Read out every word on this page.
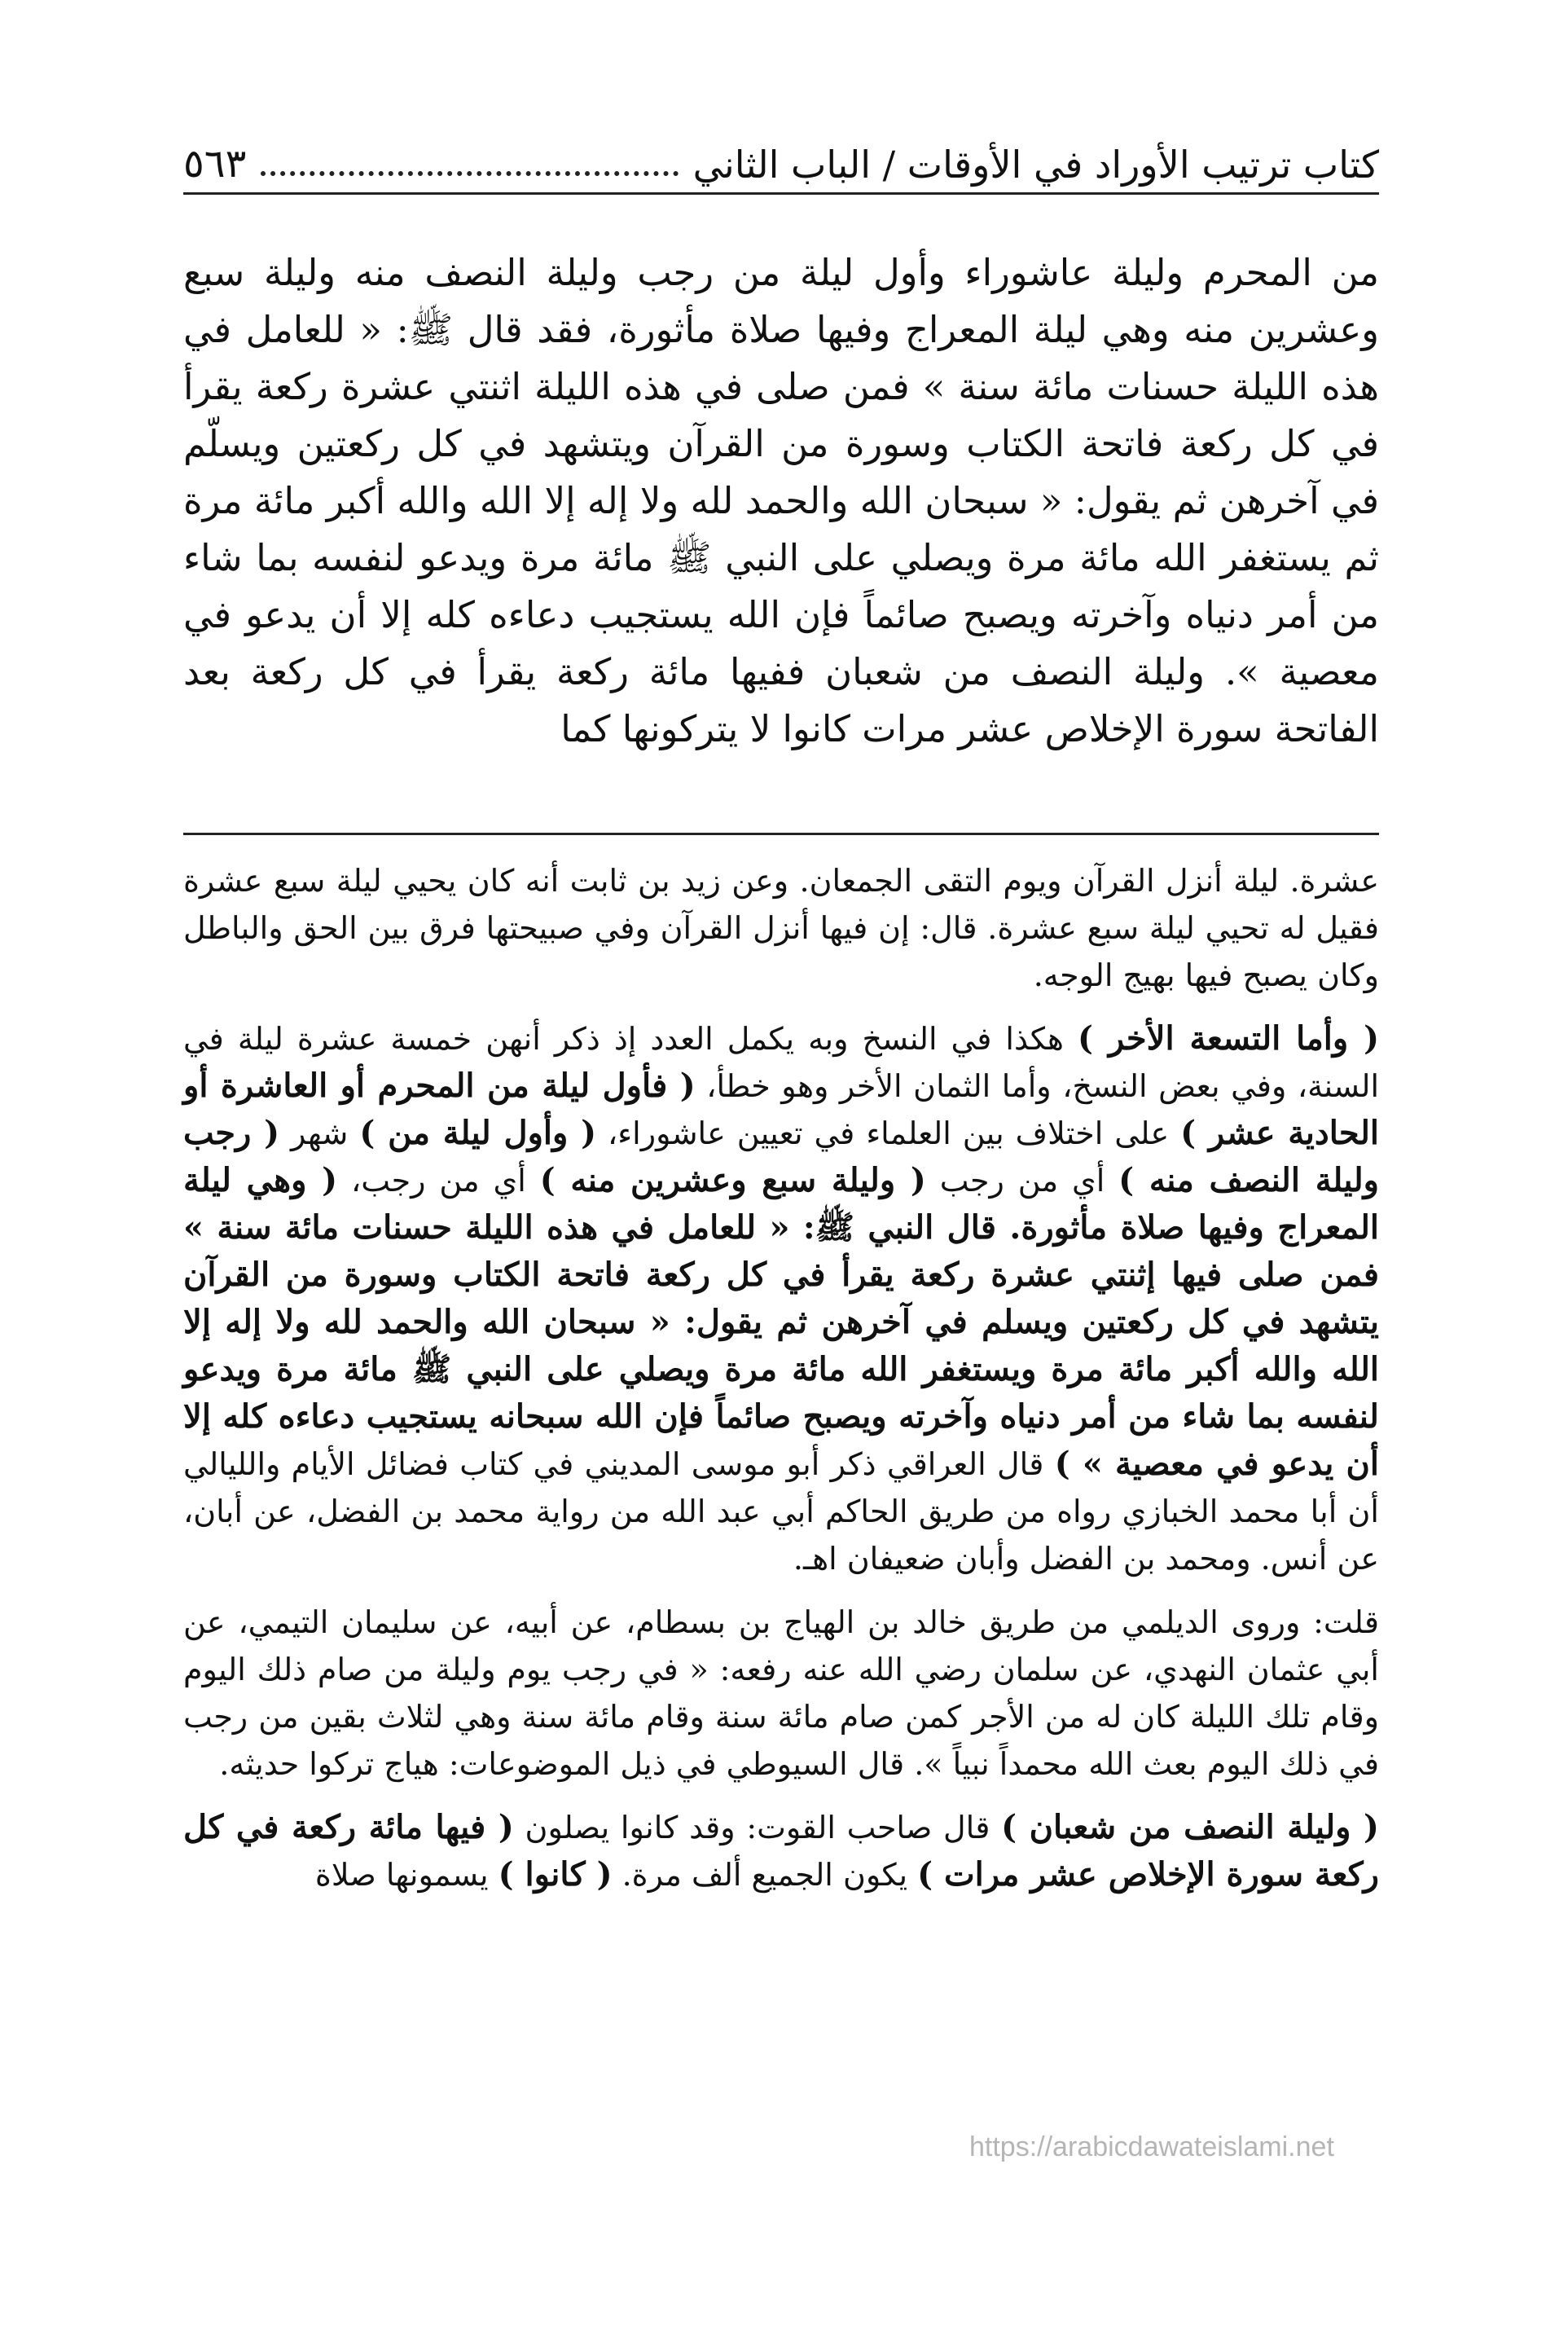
كتاب ترتيب الأوراد في الأوقات / الباب الثاني
٥٦٣

من المحرم وليلة عاشوراء وأول ليلة من رجب وليلة النصف منه وليلة سبع وعشرين منه وهي ليلة المعراج وفيها صلاة مأثورة، فقد قال ﷺ: « للعامل في هذه الليلة حسنات مائة سنة » فمن صلى في هذه الليلة اثنتي عشرة ركعة يقرأ في كل ركعة فاتحة الكتاب وسورة من القرآن ويتشهد في كل ركعتين ويسلّم في آخرهن ثم يقول: « سبحان الله والحمد لله ولا إله إلا الله والله أكبر مائة مرة ثم يستغفر الله مائة مرة ويصلي على النبي ﷺ مائة مرة ويدعو لنفسه بما شاء من أمر دنياه وآخرته ويصبح صائماً فإن الله يستجيب دعاءه كله إلا أن يدعو في معصية ». وليلة النصف من شعبان ففيها مائة ركعة يقرأ في كل ركعة بعد الفاتحة سورة الإخلاص عشر مرات كانوا لا يتركونها كما

عشرة. ليلة أنزل القرآن ويوم التقى الجمعان. وعن زيد بن ثابت أنه كان يحيي ليلة سبع عشرة فقيل له تحيي ليلة سبع عشرة. قال: إن فيها أنزل القرآن وفي صبيحتها فرق بين الحق والباطل وكان يصبح فيها بهيج الوجه.

( وأما التسعة الأخر ) هكذا في النسخ وبه يكمل العدد إذ ذكر أنهن خمسة عشرة ليلة في السنة، وفي بعض النسخ، وأما الثمان الأخر وهو خطأ، ( فأول ليلة من المحرم أو العاشرة أو الحادية عشر ) على اختلاف بين العلماء في تعيين عاشوراء، ( وأول ليلة من ) شهر ( رجب وليلة النصف منه ) أي من رجب ( وليلة سبع وعشرين منه ) أي من رجب، ( وهي ليلة المعراج وفيها صلاة مأثورة. قال النبي ﷺ: « للعامل في هذه الليلة حسنات مائة سنة » فمن صلى فيها إثنتي عشرة ركعة يقرأ في كل ركعة فاتحة الكتاب وسورة من القرآن يتشهد في كل ركعتين ويسلم في آخرهن ثم يقول: « سبحان الله والحمد لله ولا إله إلا الله والله أكبر مائة مرة ويستغفر الله مائة مرة ويصلي على النبي ﷺ مائة مرة ويدعو لنفسه بما شاء من أمر دنياه وآخرته ويصبح صائماً فإن الله سبحانه يستجيب دعاءه كله إلا أن يدعو في معصية » ) قال العراقي ذكر أبو موسى المديني في كتاب فضائل الأيام والليالي أن أبا محمد الخبازي رواه من طريق الحاكم أبي عبد الله من رواية محمد بن الفضل، عن أبان، عن أنس. ومحمد بن الفضل وأبان ضعيفان اهـ.

قلت: وروى الديلمي من طريق خالد بن الهياج بن بسطام، عن أبيه، عن سليمان التيمي، عن أبي عثمان النهدي، عن سلمان رضي الله عنه رفعه: « في رجب يوم وليلة من صام ذلك اليوم وقام تلك الليلة كان له من الأجر كمن صام مائة سنة وقام مائة سنة وهي لثلاث بقين من رجب في ذلك اليوم بعث الله محمداً نبياً ». قال السيوطي في ذيل الموضوعات: هياج تركوا حديثه.

( وليلة النصف من شعبان ) قال صاحب القوت: وقد كانوا يصلون ( فيها مائة ركعة في كل ركعة سورة الإخلاص عشر مرات ) يكون الجميع ألف مرة. ( كانوا ) يسمونها صلاة

https://arabicdawateislami.net
